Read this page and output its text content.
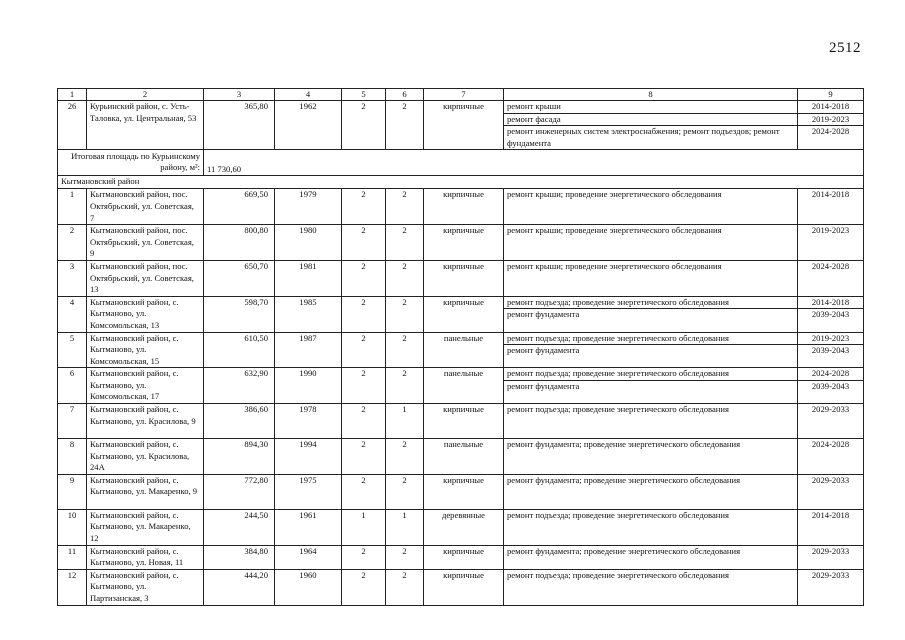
2512
1	2	3	4	5	6	7	8	9
26	Курьинский район, с. Усть-Таловка, ул. Центральная, 53	365,80	1962	2	2	кирпичные	ремонт крыши	2014-2018
							ремонт фасада	2019-2023
							ремонт инженерных систем электроснабжения; ремонт подъездов; ремонт фундамента	2024-2028
Итоговая площадь по Курьинскому району, м²:		11 730,60						
Кытмановский район								
1	Кытмановский район, пос. Октябрьский, ул. Советская, 7	669,50	1979	2	2	кирпичные	ремонт крыши; проведение энергетического обследования	2014-2018
2	Кытмановский район, пос. Октябрьский, ул. Советская, 9	800,80	1980	2	2	кирпичные	ремонт крыши; проведение энергетического обследования	2019-2023
3	Кытмановский район, пос. Октябрьский, ул. Советская, 13	650,70	1981	2	2	кирпичные	ремонт крыши; проведение энергетического обследования	2024-2028
4	Кытмановский район, с. Кытманово, ул. Комсомольская, 13	598,70	1985	2	2	кирпичные	ремонт подъезда; проведение энергетического обследования	2014-2018
							ремонт фундамента	2039-2043
5	Кытмановский район, с. Кытманово, ул. Комсомольская, 15	610,50	1987	2	2	панельные	ремонт подъезда; проведение энергетического обследования	2019-2023
							ремонт фундамента	2039-2043
6	Кытмановский район, с. Кытманово, ул. Комсомольская, 17	632,90	1990	2	2	панельные	ремонт подъезда; проведение энергетического обследования	2024-2028
							ремонт фундамента	2039-2043
7	Кытмановский район, с. Кытманово, ул. Красилова, 9	386,60	1978	2	1	кирпичные	ремонт подъезда; проведение энергетического обследования	2029-2033
8	Кытмановский район, с. Кытманово, ул. Красилова, 24А	894,30	1994	2	2	панельные	ремонт фундамента; проведение энергетического обследования	2024-2028
9	Кытмановский район, с. Кытманово, ул. Макаренко, 9	772,80	1975	2	2	кирпичные	ремонт фундамента; проведение энергетического обследования	2029-2033
10	Кытмановский район, с. Кытманово, ул. Макаренко, 12	244,50	1961	1	1	деревянные	ремонт подъезда; проведение энергетического обследования	2014-2018
11	Кытмановский район, с. Кытманово, ул. Новая, 11	384,80	1964	2	2	кирпичные	ремонт фундамента; проведение энергетического обследования	2029-2033
12	Кытмановский район, с. Кытманово, ул. Партизанская, 3	444,20	1960	2	2	кирпичные	ремонт подъезда; проведение энергетического обследования	2029-2033
